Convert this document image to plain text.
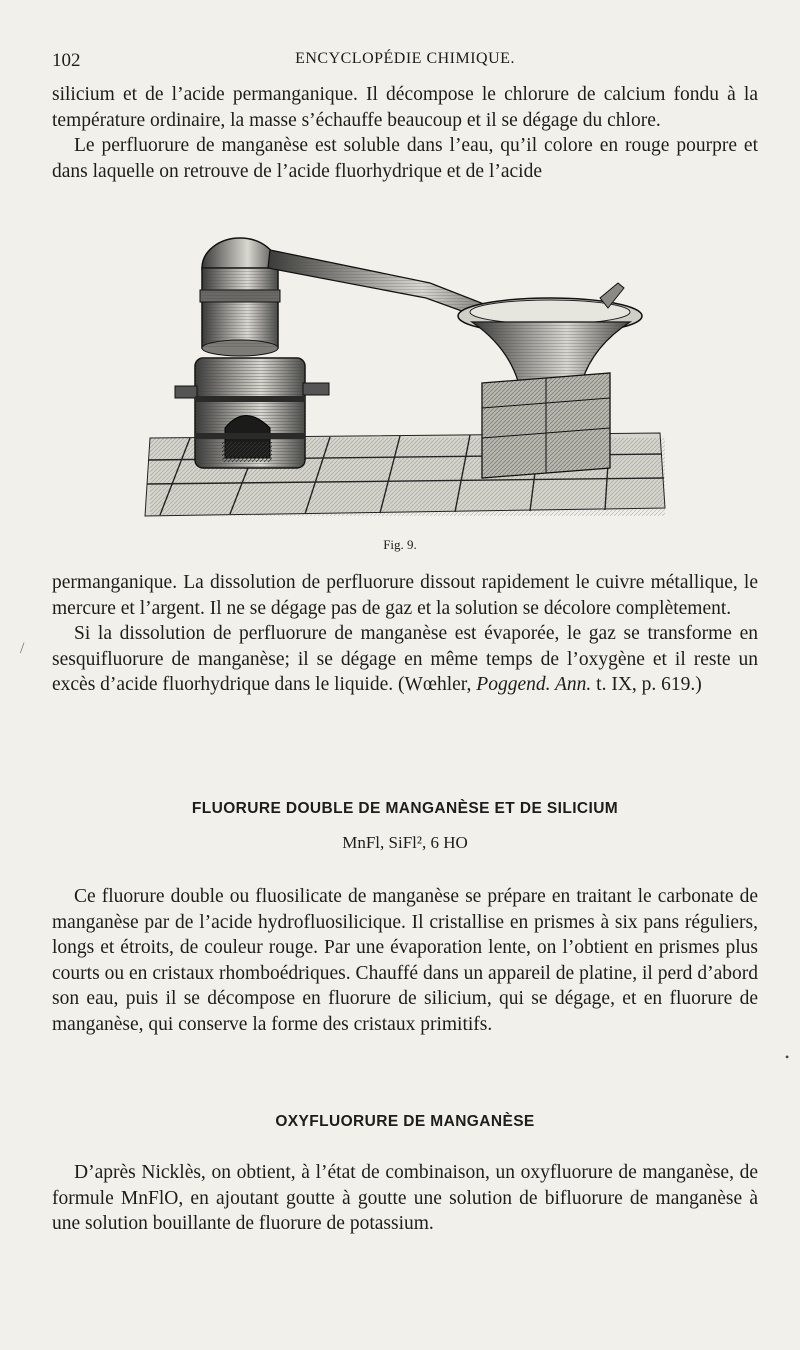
102	ENCYCLOPÉDIE CHIMIQUE.

silicium et de l’acide permanganique. Il décompose le chlorure de calcium fondu à la température ordinaire, la masse s’échauffe beaucoup et il se dégage du chlore.

Le perfluorure de manganèse est soluble dans l’eau, qu’il colore en rouge pourpre et dans laquelle on retrouve de l’acide fluorhydrique et de l’acide

Fig. 9.

permanganique. La dissolution de perfluorure dissout rapidement le cuivre métallique, le mercure et l’argent. Il ne se dégage pas de gaz et la solution se décolore complètement.

Si la dissolution de perfluorure de manganèse est évaporée, le gaz se transforme en sesquifluorure de manganèse; il se dégage en même temps de l’oxygène et il reste un excès d’acide fluorhydrique dans le liquide. (Wœhler, Poggend. Ann. t. IX, p. 619.)

FLUORURE DOUBLE DE MANGANÈSE ET DE SILICIUM
MnFl, SiFl², 6 HO

Ce fluorure double ou fluosilicate de manganèse se prépare en traitant le carbonate de manganèse par de l’acide hydrofluosilicique. Il cristallise en prismes à six pans réguliers, longs et étroits, de couleur rouge. Par une évaporation lente, on l’obtient en prismes plus courts ou en cristaux rhomboédriques. Chauffé dans un appareil de platine, il perd d’abord son eau, puis il se décompose en fluorure de silicium, qui se dégage, et en fluorure de manganèse, qui conserve la forme des cristaux primitifs.

OXYFLUORURE DE MANGANÈSE

D’après Nicklès, on obtient, à l’état de combinaison, un oxyfluorure de manganèse, de formule MnFlO, en ajoutant goutte à goutte une solution de bifluorure de manganèse à une solution bouillante de fluorure de potassium.

/
•
